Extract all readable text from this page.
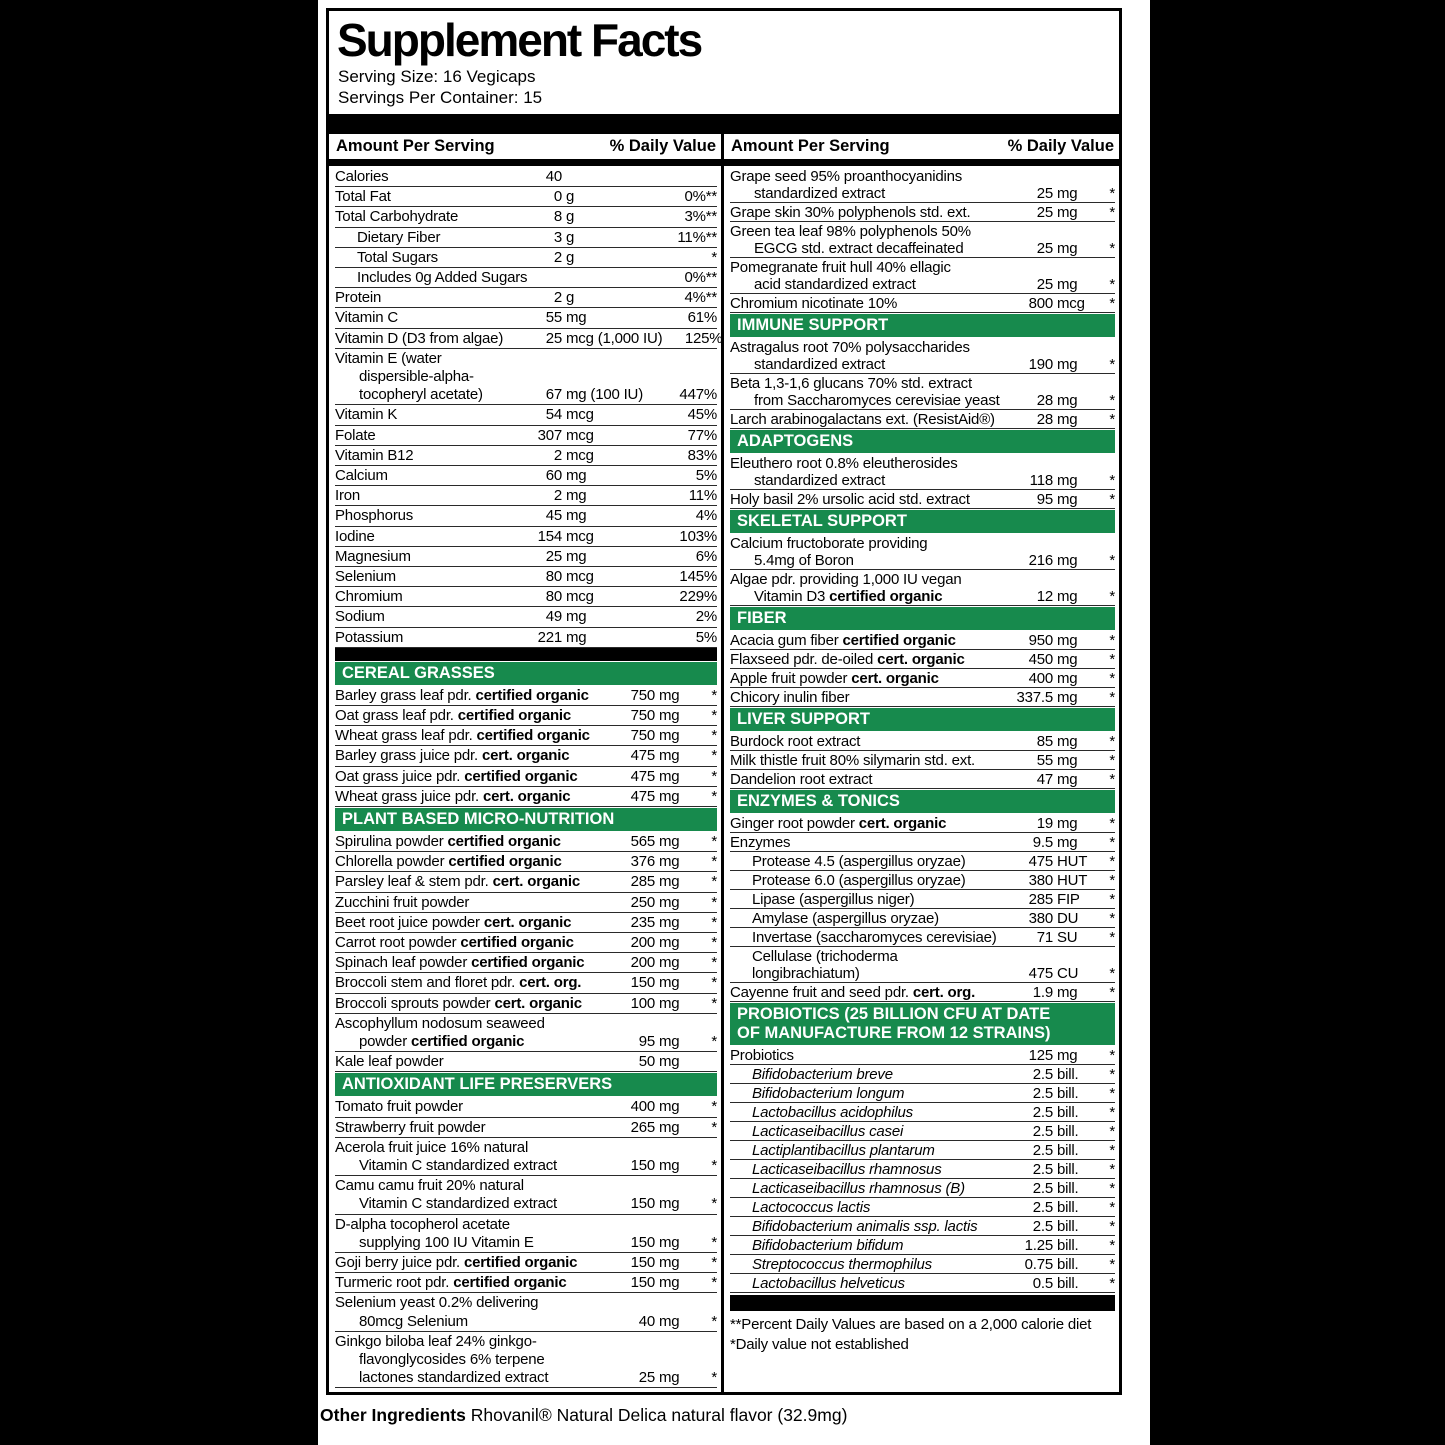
Supplement Facts
Serving Size: 16 Vegicaps
Servings Per Container: 15
Amount Per Serving	% Daily Value Amount Per Serving	% Daily Value
Calories	40
Total Fat	0 g	0%**
Total Carbohydrate	8 g	3%**
Dietary Fiber	3 g	11%**
Total Sugars	2 g	*
Includes 0g Added Sugars	0%**
Protein	2 g	4%**
Vitamin C	55 mg	61%
Vitamin D (D3 from algae)	25 mcg (1,000 IU)	125%
Vitamin E (water
dispersible-alpha-
tocopheryl acetate)	67 mg (100 IU)	447%
Vitamin K	54 mcg	45%
Folate	307 mcg	77%
Vitamin B12	2 mcg	83%
Calcium	60 mg	5%
Iron	2 mg	11%
Phosphorus	45 mg	4%
Iodine	154 mcg	103%
Magnesium	25 mg	6%
Selenium	80 mcg	145%
Chromium	80 mcg	229%
Sodium	49 mg	2%
Potassium	221 mg	5%
CEREAL GRASSES
Barley grass leaf pdr. certified organic	750 mg	*
Oat grass leaf pdr. certified organic	750 mg	*
Wheat grass leaf pdr. certified organic	750 mg	*
Barley grass juice pdr. cert. organic	475 mg	*
Oat grass juice pdr. certified organic	475 mg	*
Wheat grass juice pdr. cert. organic	475 mg	*
PLANT BASED MICRO-NUTRITION
Spirulina powder certified organic	565 mg	*
Chlorella powder certified organic	376 mg	*
Parsley leaf & stem pdr. cert. organic	285 mg	*
Zucchini fruit powder	250 mg	*
Beet root juice powder cert. organic	235 mg	*
Carrot root powder certified organic	200 mg	*
Spinach leaf powder certified organic	200 mg	*
Broccoli stem and floret pdr. cert. org.	150 mg	*
Broccoli sprouts powder cert. organic	100 mg	*
Ascophyllum nodosum seaweed
powder certified organic	95 mg	*
Kale leaf powder	50 mg
ANTIOXIDANT LIFE PRESERVERS
Tomato fruit powder	400 mg	*
Strawberry fruit powder	265 mg	*
Acerola fruit juice 16% natural
Vitamin C standardized extract	150 mg	*
Camu camu fruit 20% natural
Vitamin C standardized extract	150 mg	*
D-alpha tocopherol acetate
supplying 100 IU Vitamin E	150 mg	*
Goji berry juice pdr. certified organic	150 mg	*
Turmeric root pdr. certified organic	150 mg	*
Selenium yeast 0.2% delivering
80mcg Selenium	40 mg	*
Ginkgo biloba leaf 24% ginkgo-
flavonglycosides 6% terpene
lactones standardized extract	25 mg	*
Grape seed 95% proanthocyanidins
standardized extract	25 mg	*
Grape skin 30% polyphenols std. ext.	25 mg	*
Green tea leaf 98% polyphenols 50%
EGCG std. extract decaffeinated	25 mg	*
Pomegranate fruit hull 40% ellagic
acid standardized extract	25 mg	*
Chromium nicotinate 10%	800 mcg	*
IMMUNE SUPPORT
Astragalus root 70% polysaccharides
standardized extract	190 mg	*
Beta 1,3-1,6 glucans 70% std. extract
from Saccharomyces cerevisiae yeast	28 mg	*
Larch arabinogalactans ext. (ResistAid®)	28 mg	*
ADAPTOGENS
Eleuthero root 0.8% eleutherosides
standardized extract	118 mg	*
Holy basil 2% ursolic acid std. extract	95 mg	*
SKELETAL SUPPORT
Calcium fructoborate providing
5.4mg of Boron	216 mg	*
Algae pdr. providing 1,000 IU vegan
Vitamin D3 certified organic	12 mg	*
FIBER
Acacia gum fiber certified organic	950 mg	*
Flaxseed pdr. de-oiled cert. organic	450 mg	*
Apple fruit powder cert. organic	400 mg	*
Chicory inulin fiber	337.5 mg	*
LIVER SUPPORT
Burdock root extract	85 mg	*
Milk thistle fruit 80% silymarin std. ext.	55 mg	*
Dandelion root extract	47 mg	*
ENZYMES & TONICS
Ginger root powder cert. organic	19 mg	*
Enzymes	9.5 mg	*
Protease 4.5 (aspergillus oryzae)	475 HUT	*
Protease 6.0 (aspergillus oryzae)	380 HUT	*
Lipase (aspergillus niger)	285 FIP	*
Amylase (aspergillus oryzae)	380 DU	*
Invertase (saccharomyces cerevisiae)	71 SU	*
Cellulase (trichoderma
longibrachiatum)	475 CU	*
Cayenne fruit and seed pdr. cert. org.	1.9 mg	*
PROBIOTICS (25 BILLION CFU AT DATE
OF MANUFACTURE FROM 12 STRAINS)
Probiotics	125 mg	*
Bifidobacterium breve	2.5 bill.	*
Bifidobacterium longum	2.5 bill.	*
Lactobacillus acidophilus	2.5 bill.	*
Lacticaseibacillus casei	2.5 bill.	*
Lactiplantibacillus plantarum	2.5 bill.	*
Lacticaseibacillus rhamnosus	2.5 bill.	*
Lacticaseibacillus rhamnosus (B)	2.5 bill.	*
Lactococcus lactis	2.5 bill.	*
Bifidobacterium animalis ssp. lactis	2.5 bill.	*
Bifidobacterium bifidum	1.25 bill.	*
Streptococcus thermophilus	0.75 bill.	*
Lactobacillus helveticus	0.5 bill.	*
**Percent Daily Values are based on a 2,000 calorie diet
*Daily value not established
Other Ingredients Rhovanil® Natural Delica natural flavor (32.9mg)
